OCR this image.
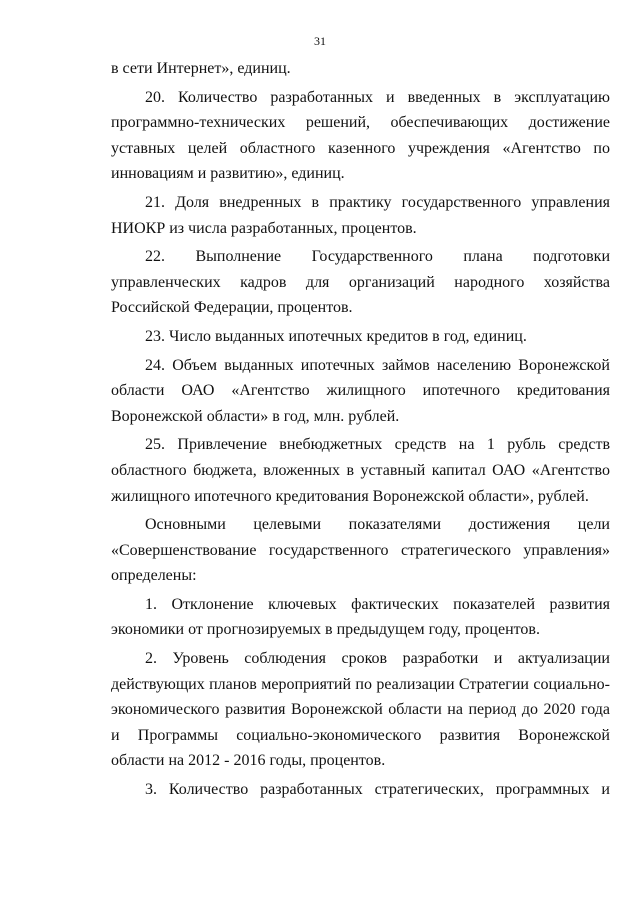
31

в сети Интернет», единиц.

20. Количество разработанных и введенных в эксплуатацию программно-технических решений, обеспечивающих достижение уставных целей областного казенного учреждения «Агентство по инновациям и развитию», единиц.

21. Доля внедренных в практику государственного управления НИОКР из числа разработанных, процентов.

22. Выполнение Государственного плана подготовки управленческих кадров для организаций народного хозяйства Российской Федерации, процентов.

23. Число выданных ипотечных кредитов в год, единиц.

24. Объем выданных ипотечных займов населению Воронежской области ОАО «Агентство жилищного ипотечного кредитования Воронежской области» в год, млн. рублей.

25. Привлечение внебюджетных средств на 1 рубль средств областного бюджета, вложенных в уставный капитал ОАО «Агентство жилищного ипотечного кредитования Воронежской области», рублей.

Основными целевыми показателями достижения цели «Совершенствование государственного стратегического управления» определены:

1. Отклонение ключевых фактических показателей развития экономики от прогнозируемых в предыдущем году, процентов.

2. Уровень соблюдения сроков разработки и актуализации действующих планов мероприятий по реализации Стратегии социально-экономического развития Воронежской области на период до 2020 года и Программы социально-экономического развития Воронежской области на 2012 - 2016 годы, процентов.

3. Количество разработанных стратегических, программных и
